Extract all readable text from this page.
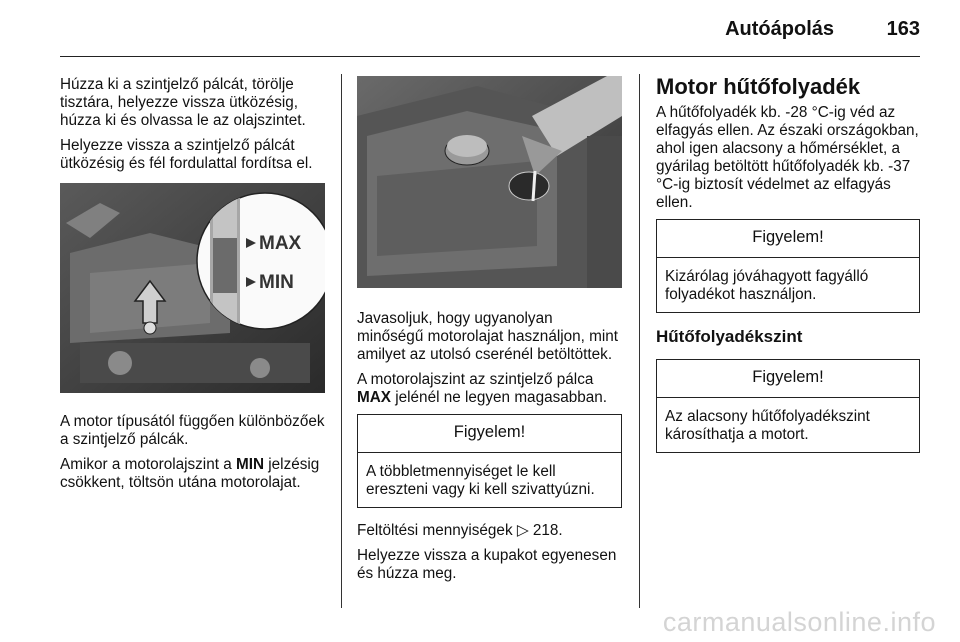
Autóápolás	163

Húzza ki a szintjelző pálcát, törölje tisztára, helyezze vissza ütközésig, húzza ki és olvassa le az olajszintet.

Helyezze vissza a szintjelző pálcát ütközésig és fél fordulattal fordítsa el.

MAX
MIN

A motor típusától függően különbözőek a szintjelző pálcák.

Amikor a motorolajszint a MIN jelzésig csökkent, töltsön utána motorolajat.

Javasoljuk, hogy ugyanolyan minőségű motorolajat használjon, mint amilyet az utolsó cserénél betöltöttek.

A motorolajszint az szintjelző pálca MAX jelénél ne legyen magasabban.

Figyelem!
A többletmennyiséget le kell ereszteni vagy ki kell szivattyúzni.

Feltöltési mennyiségek ▷ 218.

Helyezze vissza a kupakot egyenesen és húzza meg.

Motor hűtőfolyadék

A hűtőfolyadék kb. -28 °C-ig véd az elfagyás ellen. Az északi országokban, ahol igen alacsony a hőmérséklet, a gyárilag betöltött hűtőfolyadék kb. -37 °C-ig biztosít védelmet az elfagyás ellen.

Figyelem!
Kizárólag jóváhagyott fagyálló folyadékot használjon.
Hűtőfolyadékszint
Figyelem!
Az alacsony hűtőfolyadékszint károsíthatja a motort.
carmanualsonline.info
